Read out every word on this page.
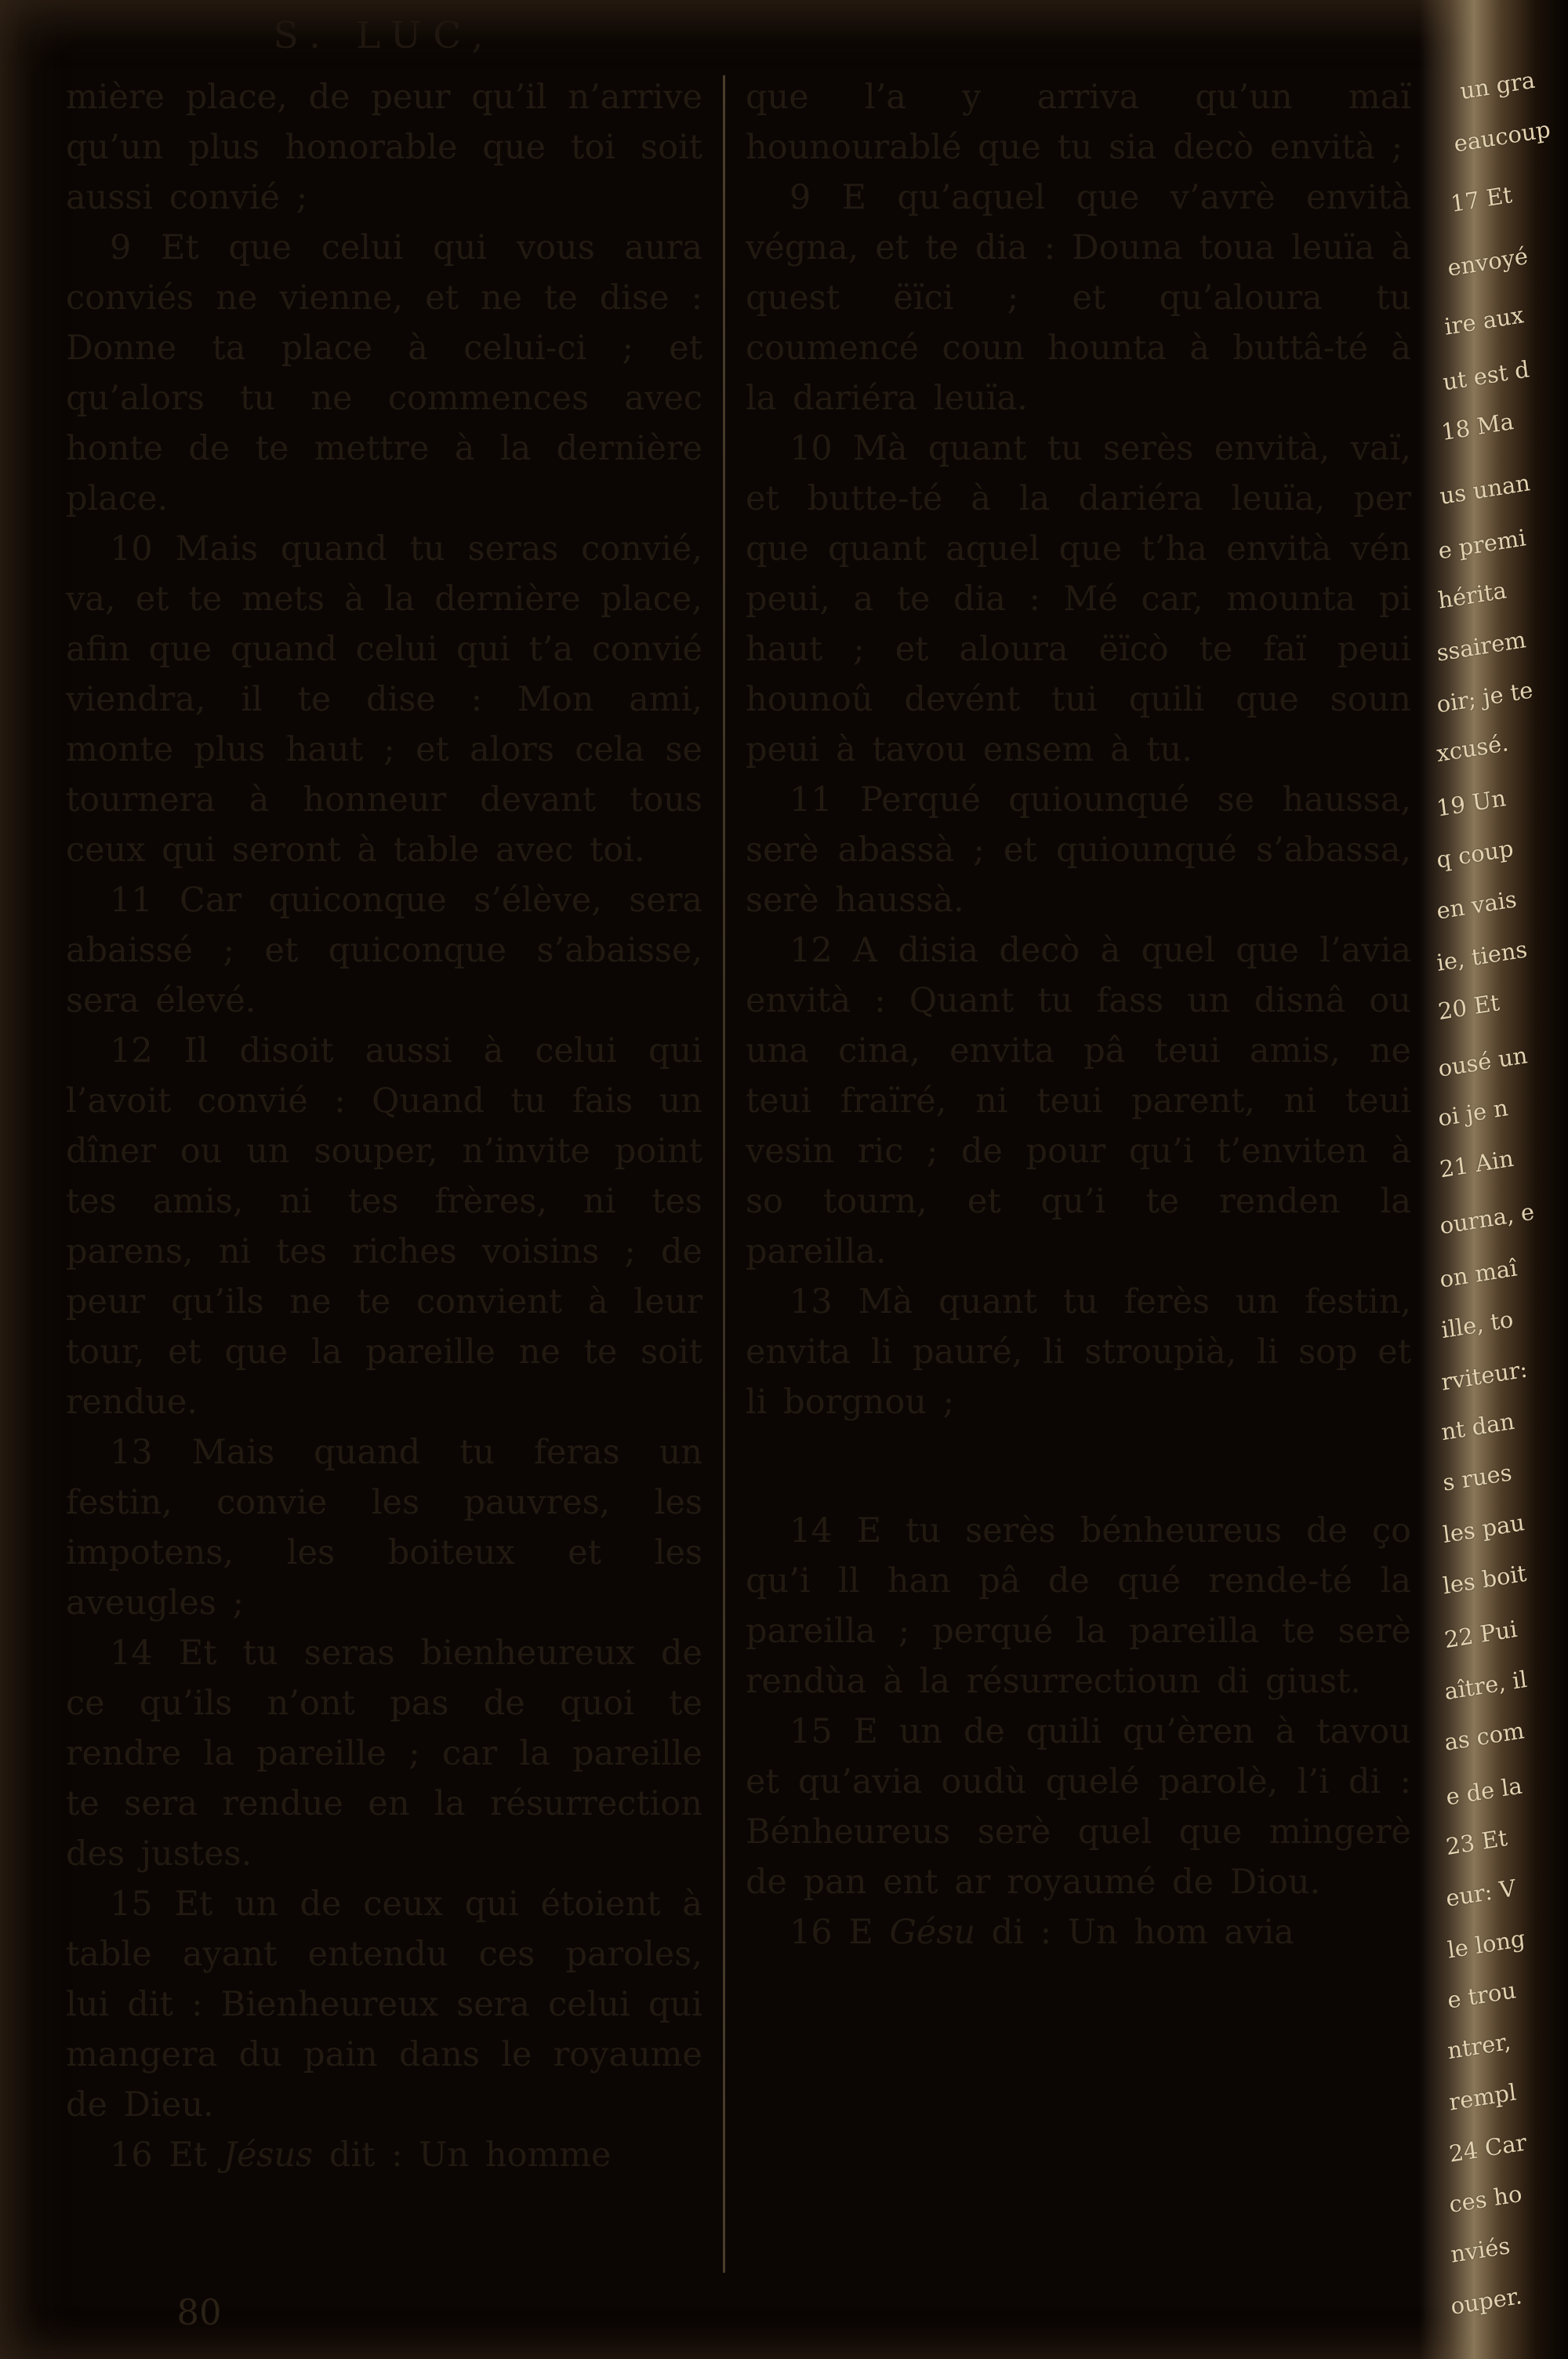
S. LUC,

mière place, de peur qu’il n’arrive qu’un plus honorable que toi soit aussi convié ;

9 Et que celui qui vous aura conviés ne vienne, et ne te dise : Donne ta place à celui-ci ; et qu’alors tu ne commences avec honte de te mettre à la dernière place.

10 Mais quand tu seras convié, va, et te mets à la dernière place, afin que quand celui qui t’a convié viendra, il te dise : Mon ami, monte plus haut ; et alors cela se tournera à honneur devant tous ceux qui seront à table avec toi.

11 Car quiconque s’élève, sera abaissé ; et quiconque s’abaisse, sera élevé.

12 Il disoit aussi à celui qui l’avoit convié : Quand tu fais un dîner ou un souper, n’invite point tes amis, ni tes frères, ni tes parens, ni tes riches voisins ; de peur qu’ils ne te convient à leur tour, et que la pareille ne te soit rendue.

13 Mais quand tu feras un festin, convie les pauvres, les impotens, les boiteux et les aveugles ;

14 Et tu seras bienheureux de ce qu’ils n’ont pas de quoi te rendre la pareille ; car la pareille te sera rendue en la résurrection des justes.

15 Et un de ceux qui étoient à table ayant entendu ces paroles, lui dit : Bienheureux sera celui qui mangera du pain dans le royaume de Dieu.

16 Et Jésus dit : Un homme

que l’a y arriva qu’un maï hounourablé que tu sia decò envità ;

9 E qu’aquel que v’avrè envità végna, et te dia : Douna toua leuïa à quest ëïci ; et qu’aloura tu coumencé coun hounta à buttâ-té à la dariéra leuïa.

10 Mà quant tu serès envità, vaï, et butte-té à la dariéra leuïa, per que quant aquel que t’ha envità vén peui, a te dia : Mé car, mounta pi haut ; et aloura ëïcò te faï peui hounoû devént tui quili que soun peui à tavou ensem à tu.

11 Perqué quiounqué se haussa, serè abassà ; et quiounqué s’abassa, serè haussà.

12 A disia decò à quel que l’avia envità : Quant tu fass un disnâ ou una cina, envita pâ teui amis, ne teui fraïré, ni teui parent, ni teui vesin ric ; de pour qu’i t’enviten à so tourn, et qu’i te renden la pareilla.

13 Mà quant tu ferès un festin, envita li pauré, li stroupià, li sop et li borgnou ;

14 E tu serès bénheureus de ço qu’i ll han pâ de qué rende-té la pareilla ; perqué la pareilla te serè rendùa à la résurrectioun di giust.

15 E un de quili qu’èren à tavou et qu’avia oudù quelé parolè, l’i di : Bénheureus serè quel que mingerè de pan ent ar royaumé de Diou.

16 E Gésu di : Un hom avia

80
un gra
eaucoup
17 Et
envoyé
ire aux
ut est d
18 Ma
us unan
e premi
hérita
ssairem
oir; je te
xcusé.
19 Un
q coup
en vais
ie, tiens
20 Et
ousé un
oi je n
21 Ain
ourna, e
on maî
ille, to
rviteur:
nt dan
s rues
les pau
les boit
22 Pui
aître, il
as com
e de la
23 Et
eur: V
le long
e trou
ntrer,
rempl
24 Car
ces ho
nviés
ouper.
